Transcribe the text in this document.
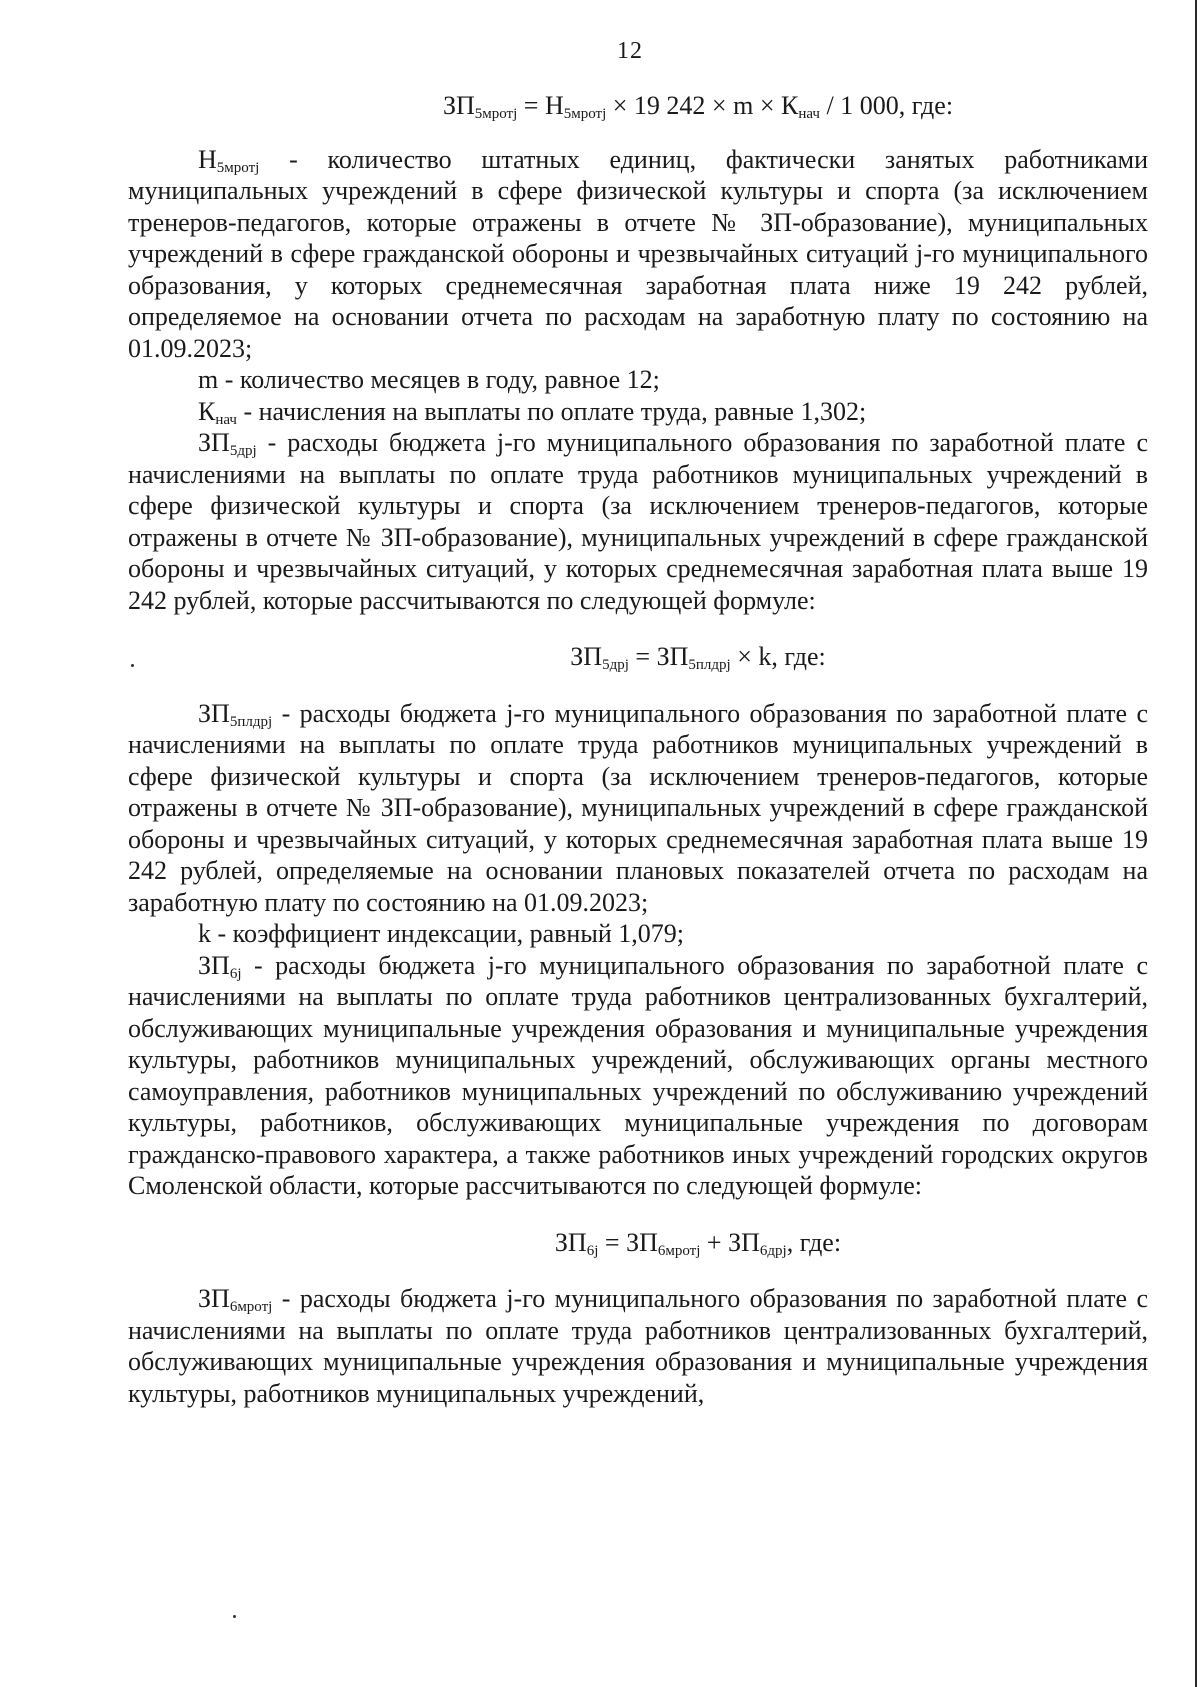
12

$ЗП_{5мротj} = Н_{5мротj} \times 19$ $242 \times m \times К_{нач} / 1$ 000, где:

$Н_{5мротj}$ - количество штатных единиц, фактически занятых работниками муниципальных учреждений в сфере физической культуры и спорта (за исключением тренеров-педагогов, которые отражены в отчете № ЗП-образование), муниципальных учреждений в сфере гражданской обороны и чрезвычайных ситуаций j-го муниципального образования, у которых среднемесячная заработная плата ниже 19 242 рублей, определяемое на основании отчета по расходам на заработную плату по состоянию на 01.09.2023;

m - количество месяцев в году, равное 12;

$К_{нач}$ - начисления на выплаты по оплате труда, равные 1,302;

$ЗП_{5дрj}$ - расходы бюджета j-го муниципального образования по заработной плате с начислениями на выплаты по оплате труда работников муниципальных учреждений в сфере физической культуры и спорта (за исключением тренеров-педагогов, которые отражены в отчете № ЗП-образование), муниципальных учреждений в сфере гражданской обороны и чрезвычайных ситуаций, у которых среднемесячная заработная плата выше 19 242 рублей, которые рассчитываются по следующей формуле:

$ЗП_{5дрj} = ЗП_{5плдрj} \times k$, где:

$ЗП_{5плдрj}$ - расходы бюджета j-го муниципального образования по заработной плате с начислениями на выплаты по оплате труда работников муниципальных учреждений в сфере физической культуры и спорта (за исключением тренеров-педагогов, которые отражены в отчете № ЗП-образование), муниципальных учреждений в сфере гражданской обороны и чрезвычайных ситуаций, у которых среднемесячная заработная плата выше 19 242 рублей, определяемые на основании плановых показателей отчета по расходам на заработную плату по состоянию на 01.09.2023;

k - коэффициент индексации, равный 1,079;

$ЗП_{6j}$ - расходы бюджета j-го муниципального образования по заработной плате с начислениями на выплаты по оплате труда работников централизованных бухгалтерий, обслуживающих муниципальные учреждения образования и муниципальные учреждения культуры, работников муниципальных учреждений, обслуживающих органы местного самоуправления, работников муниципальных учреждений по обслуживанию учреждений культуры, работников, обслуживающих муниципальные учреждения по договорам гражданско-правового характера, а также работников иных учреждений городских округов Смоленской области, которые рассчитываются по следующей формуле:

$ЗП_{6j} = ЗП_{6мротj} + ЗП_{6дрj}$, где:

$ЗП_{6мротj}$ - расходы бюджета j-го муниципального образования по заработной плате с начислениями на выплаты по оплате труда работников централизованных бухгалтерий, обслуживающих муниципальные учреждения образования и муниципальные учреждения культуры, работников муниципальных учреждений,
